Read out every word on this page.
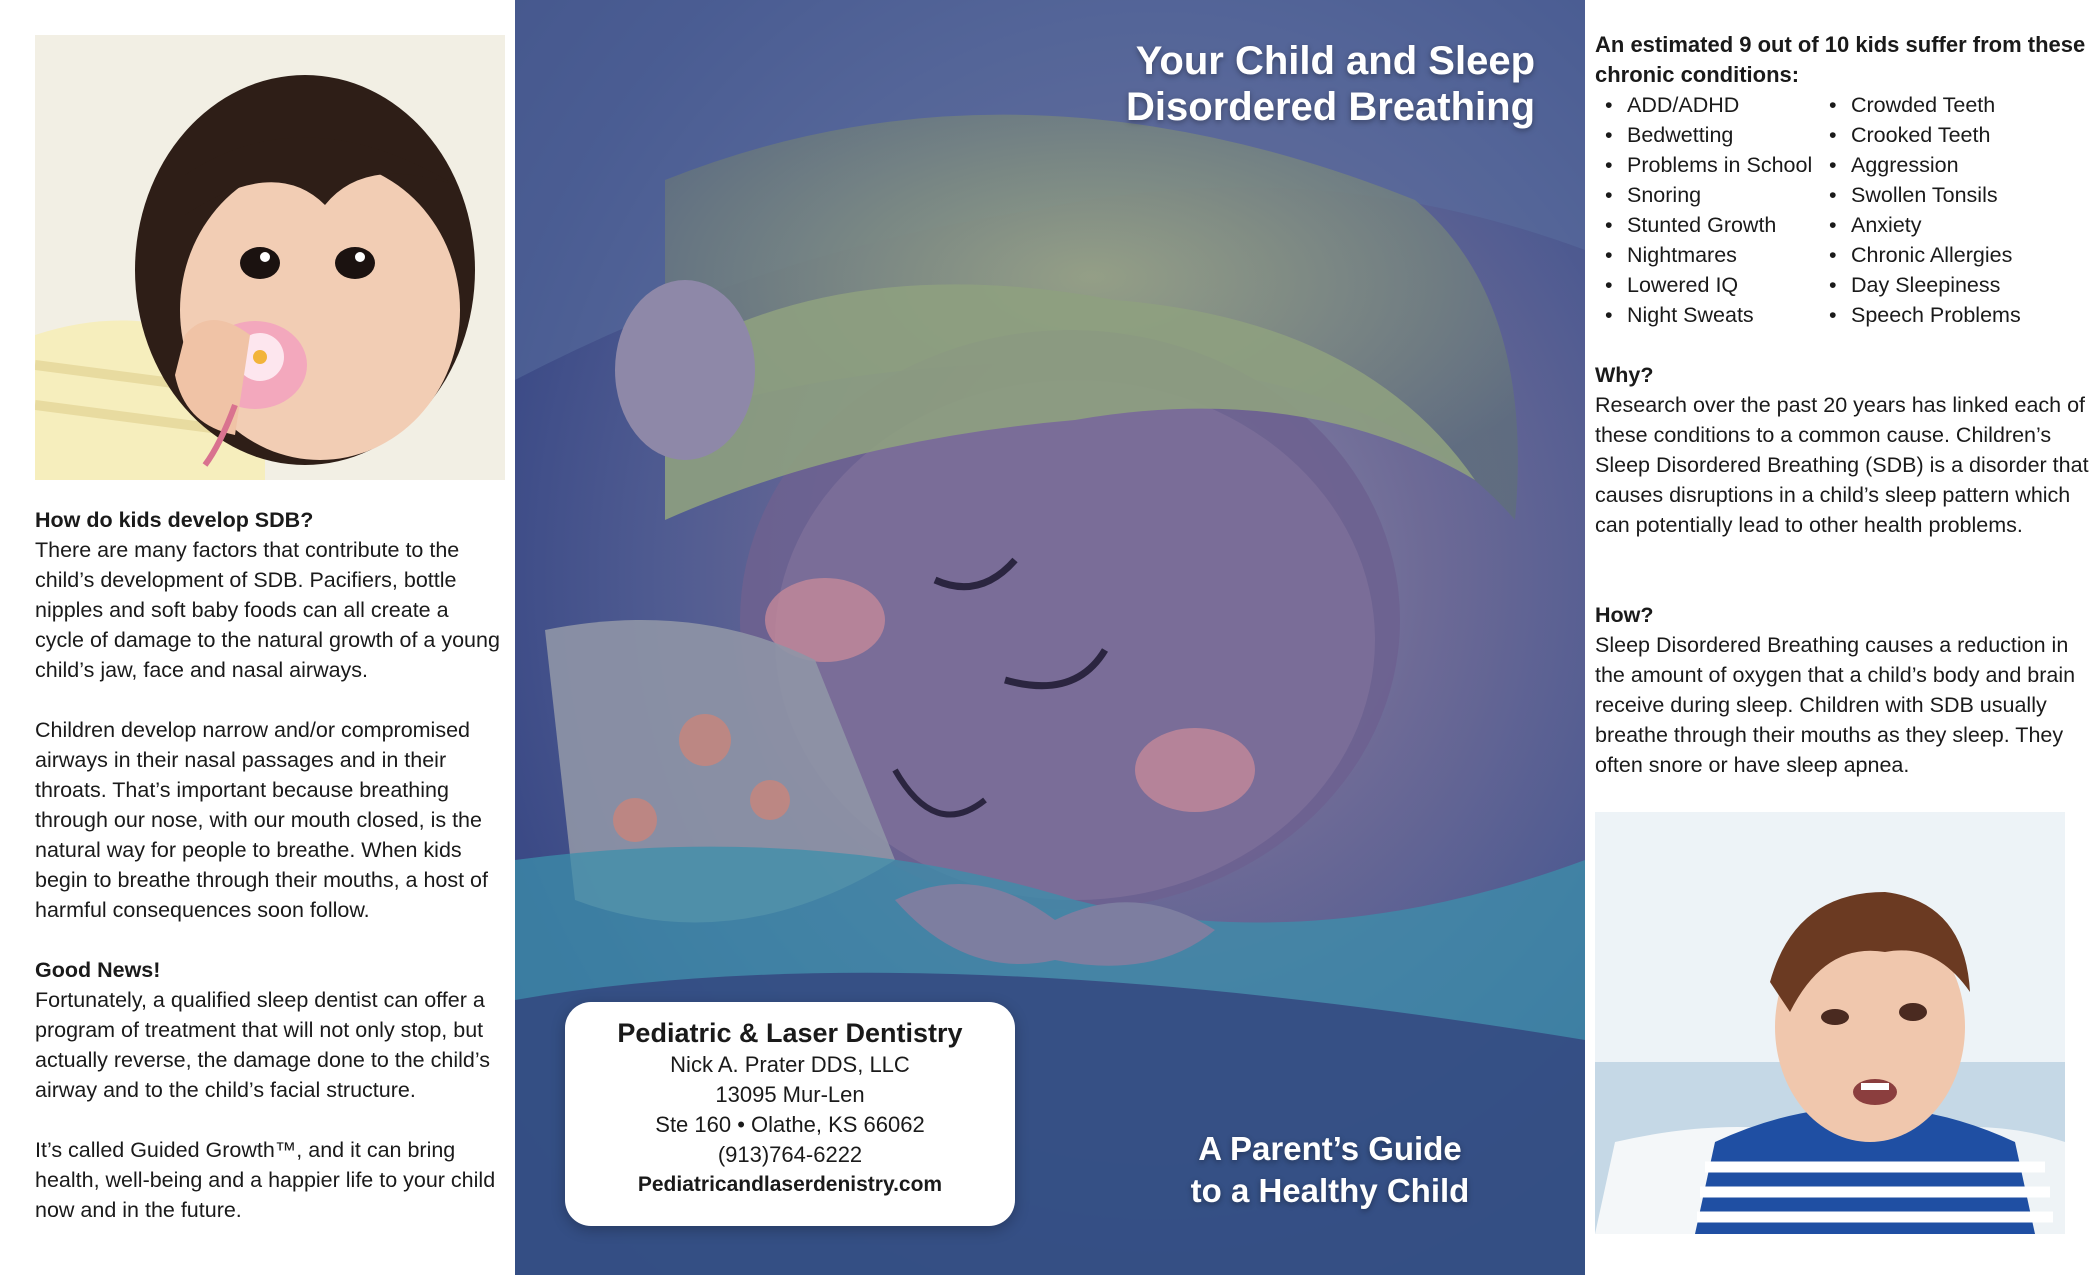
How do kids develop SDB?

There are many factors that contribute to the child’s development of SDB. Pacifiers, bottle nipples and soft baby foods can all create a cycle of damage to the natural growth of a young child’s jaw, face and nasal airways.

Children develop narrow and/or compromised airways in their nasal passages and in their throats. That’s important because breathing through our nose, with our mouth closed, is the natural way for people to breathe. When kids begin to breathe through their mouths, a host of harmful consequences soon follow.

Good News!

Fortunately, a qualified sleep dentist can offer a program of treatment that will not only stop, but actually reverse, the damage done to the child’s airway and to the child’s facial structure.

It’s called Guided Growth™, and it can bring health, well-being and a happier life to your child now and in the future.

Your Child and Sleep
Disordered Breathing
Pediatric & Laser Dentistry
Nick A. Prater DDS, LLC
13095 Mur-Len
Ste 160 • Olathe, KS 66062
(913)764-6222
Pediatricandlaserdenistry.com
A Parent’s Guide
to a Healthy Child
An estimated 9 out of 10 kids suffer from these chronic conditions:
• ADD/ADHD
• Bedwetting
• Problems in School
• Snoring
• Stunted Growth
• Nightmares
• Lowered IQ
• Night Sweats
• Crowded Teeth
• Crooked Teeth
• Aggression
• Swollen Tonsils
• Anxiety
• Chronic Allergies
• Day Sleepiness
• Speech Problems

Why?

Research over the past 20 years has linked each of these conditions to a common cause. Children’s Sleep Disordered Breathing (SDB) is a disorder that causes disruptions in a child’s sleep pattern which can potentially lead to other health problems.

How?

Sleep Disordered Breathing causes a reduction in the amount of oxygen that a child’s body and brain receive during sleep. Children with SDB usually breathe through their mouths as they sleep. They often snore or have sleep apnea.
